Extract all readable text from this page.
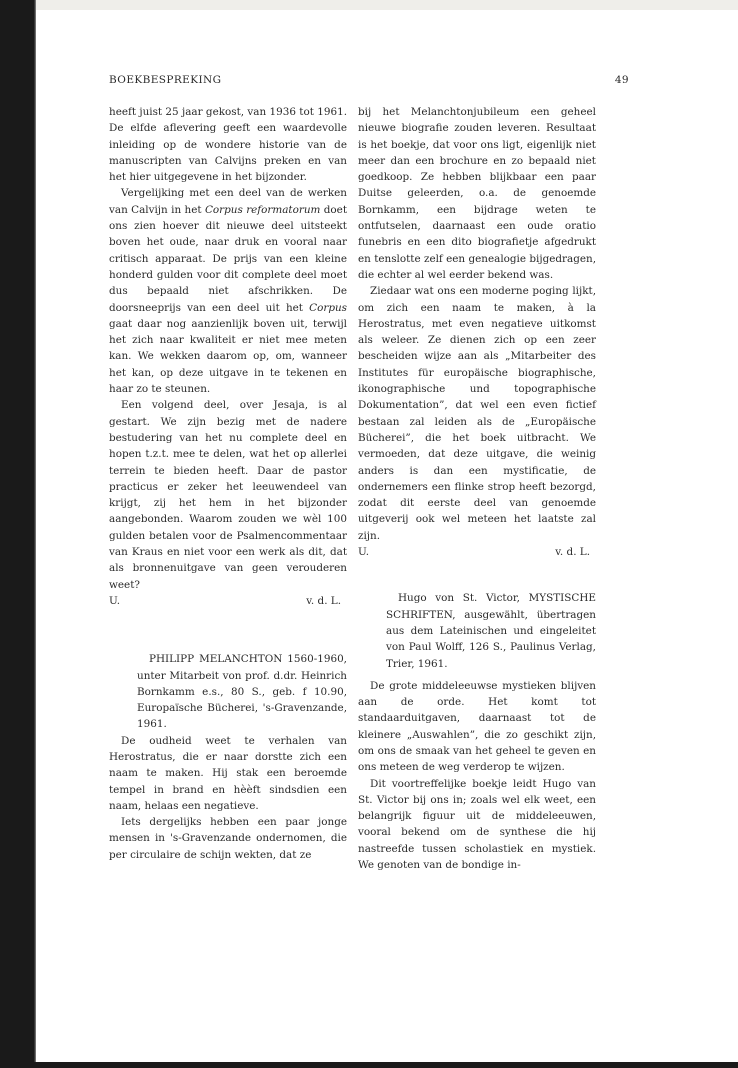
BOEKBESPREKING	49

heeft juist 25 jaar gekost, van 1936 tot 1961. De elfde aflevering geeft een waardevolle inleiding op de wondere historie van de manuscripten van Calvijns preken en van het hier uitgegevene in het bijzonder.

Vergelijking met een deel van de werken van Calvijn in het Corpus reformatorum doet ons zien hoever dit nieuwe deel uitsteekt boven het oude, naar druk en vooral naar critisch apparaat. De prijs van een kleine honderd gulden voor dit complete deel moet dus bepaald niet afschrikken. De doorsneeprijs van een deel uit het Corpus gaat daar nog aanzienlijk boven uit, terwijl het zich naar kwaliteit er niet mee meten kan. We wekken daarom op, om, wanneer het kan, op deze uitgave in te tekenen en haar zo te steunen.

Een volgend deel, over Jesaja, is al gestart. We zijn bezig met de nadere bestudering van het nu complete deel en hopen t.z.t. mee te delen, wat het op allerlei terrein te bieden heeft. Daar de pastor practicus er zeker het leeuwendeel van krijgt, zij het hem in het bijzonder aangebonden. Waarom zouden we wèl 100 gulden betalen voor de Psalmencommentaar van Kraus en niet voor een werk als dit, dat als bronnenuitgave van geen verouderen weet?

U.	v. d. L.

PHILIPP MELANCHTON 1560-1960, unter Mitarbeit von prof. d.dr. Heinrich Bornkamm e.s., 80 S., geb. f 10.90, Europaïsche Bücherei, 's-Gravenzande, 1961.

De oudheid weet te verhalen van Herostratus, die er naar dorstte zich een naam te maken. Hij stak een beroemde tempel in brand en hèèft sindsdien een naam, helaas een negatieve.

Iets dergelijks hebben een paar jonge mensen in 's-Gravenzande ondernomen, die per circulaire de schijn wekten, dat ze

bij het Melanchtonjubileum een geheel nieuwe biografie zouden leveren. Resultaat is het boekje, dat voor ons ligt, eigenlijk niet meer dan een brochure en zo bepaald niet goedkoop. Ze hebben blijkbaar een paar Duitse geleerden, o.a. de genoemde Bornkamm, een bijdrage weten te ontfutselen, daarnaast een oude oratio funebris en een dito biografietje afgedrukt en tenslotte zelf een genealogie bijgedragen, die echter al wel eerder bekend was.

Ziedaar wat ons een moderne poging lijkt, om zich een naam te maken, à la Herostratus, met even negatieve uitkomst als weleer. Ze dienen zich op een zeer bescheiden wijze aan als „Mitarbeiter des Institutes für europäische biographische, ikonographische und topographische Dokumentation”, dat wel een even fictief bestaan zal leiden als de „Europäische Bücherei”, die het boek uitbracht. We vermoeden, dat deze uitgave, die weinig anders is dan een mystificatie, de ondernemers een flinke strop heeft bezorgd, zodat dit eerste deel van genoemde uitgeverij ook wel meteen het laatste zal zijn.

U.	v. d. L.

Hugo von St. Victor, MYSTISCHE SCHRIFTEN, ausgewählt, übertragen aus dem Lateinischen und eingeleitet von Paul Wolff, 126 S., Paulinus Verlag, Trier, 1961.

De grote middeleeuwse mystieken blijven aan de orde. Het komt tot standaarduitgaven, daarnaast tot de kleinere „Auswahlen”, die zo geschikt zijn, om ons de smaak van het geheel te geven en ons meteen de weg verderop te wijzen.

Dit voortreffelijke boekje leidt Hugo van St. Victor bij ons in; zoals wel elk weet, een belangrijk figuur uit de middeleeuwen, vooral bekend om de synthese die hij nastreefde tussen scholastiek en mystiek. We genoten van de bondige in-
